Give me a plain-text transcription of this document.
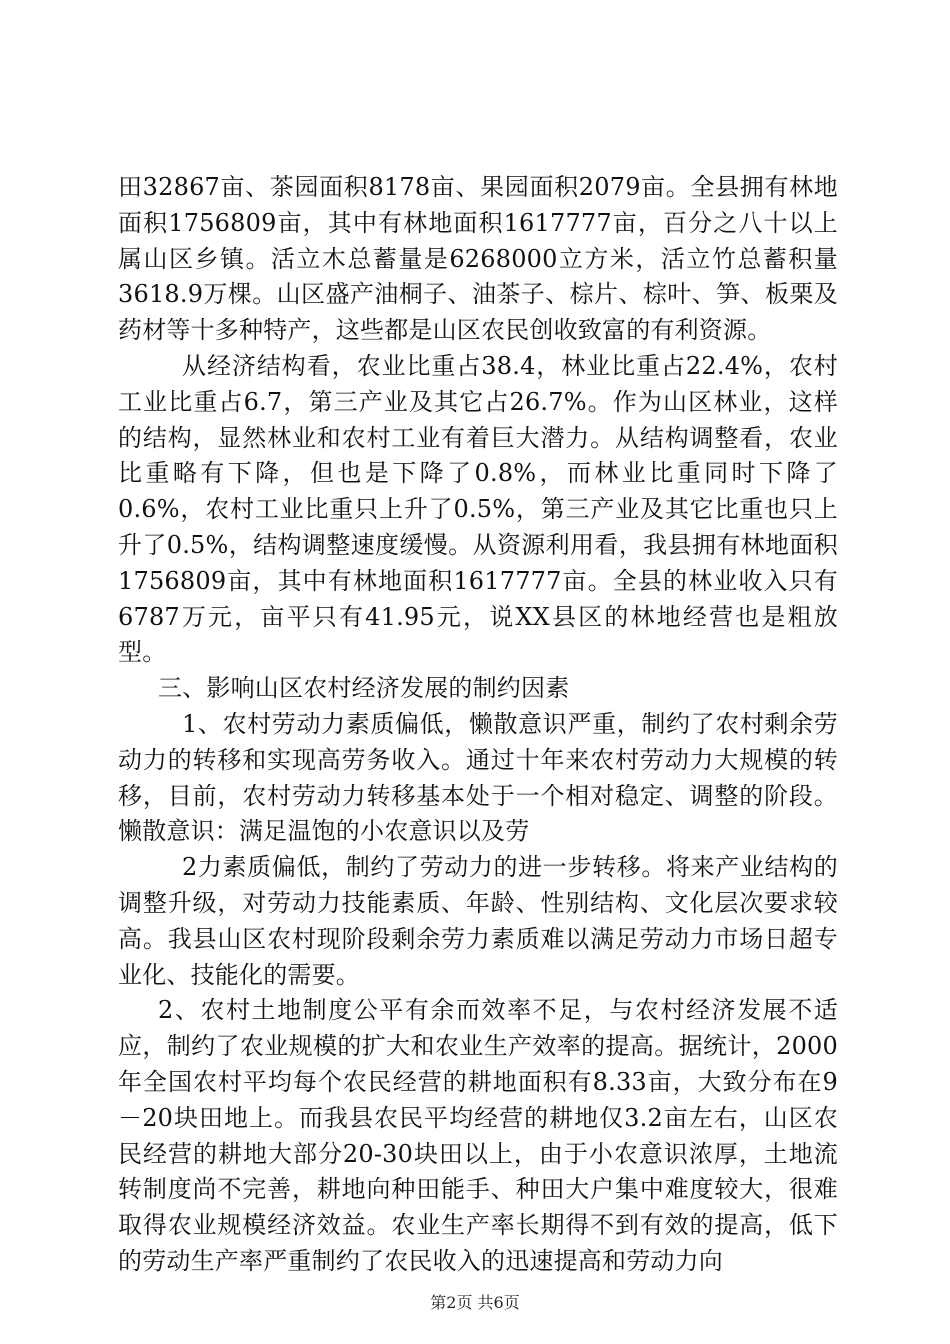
田32867亩、茶园面积8178亩、果园面积2079亩。全县拥有林地面积1756809亩，其中有林地面积1617777亩，百分之八十以上属山区乡镇。活立木总蓄量是6268000立方米，活立竹总蓄积量3618.9万棵。山区盛产油桐子、油茶子、棕片、棕叶、笋、板栗及药材等十多种特产，这些都是山区农民创收致富的有利资源。

从经济结构看，农业比重占38.4，林业比重占22.4%，农村工业比重占6.7，第三产业及其它占26.7%。作为山区林业，这样的结构，显然林业和农村工业有着巨大潜力。从结构调整看，农业比重略有下降，但也是下降了0.8%，而林业比重同时下降了0.6%，农村工业比重只上升了0.5%，第三产业及其它比重也只上升了0.5%，结构调整速度缓慢。从资源利用看，我县拥有林地面积1756809亩，其中有林地面积1617777亩。全县的林业收入只有6787万元，亩平只有41.95元，说XX县区的林地经营也是粗放型。

三、影响山区农村经济发展的制约因素

1、农村劳动力素质偏低，懒散意识严重，制约了农村剩余劳动力的转移和实现高劳务收入。通过十年来农村劳动力大规模的转移，目前，农村劳动力转移基本处于一个相对稳定、调整的阶段。懒散意识：满足温饱的小农意识以及劳

2力素质偏低，制约了劳动力的进一步转移。将来产业结构的调整升级，对劳动力技能素质、年龄、性别结构、文化层次要求较高。我县山区农村现阶段剩余劳力素质难以满足劳动力市场日超专业化、技能化的需要。

2、农村土地制度公平有余而效率不足，与农村经济发展不适应，制约了农业规模的扩大和农业生产效率的提高。据统计，2000年全国农村平均每个农民经营的耕地面积有8.33亩，大致分布在9－20块田地上。而我县农民平均经营的耕地仅3.2亩左右，山区农民经营的耕地大部分20-30块田以上，由于小农意识浓厚，土地流转制度尚不完善，耕地向种田能手、种田大户集中难度较大，很难取得农业规模经济效益。农业生产率长期得不到有效的提高，低下的劳动生产率严重制约了农民收入的迅速提高和劳动力向

第2页 共6页
